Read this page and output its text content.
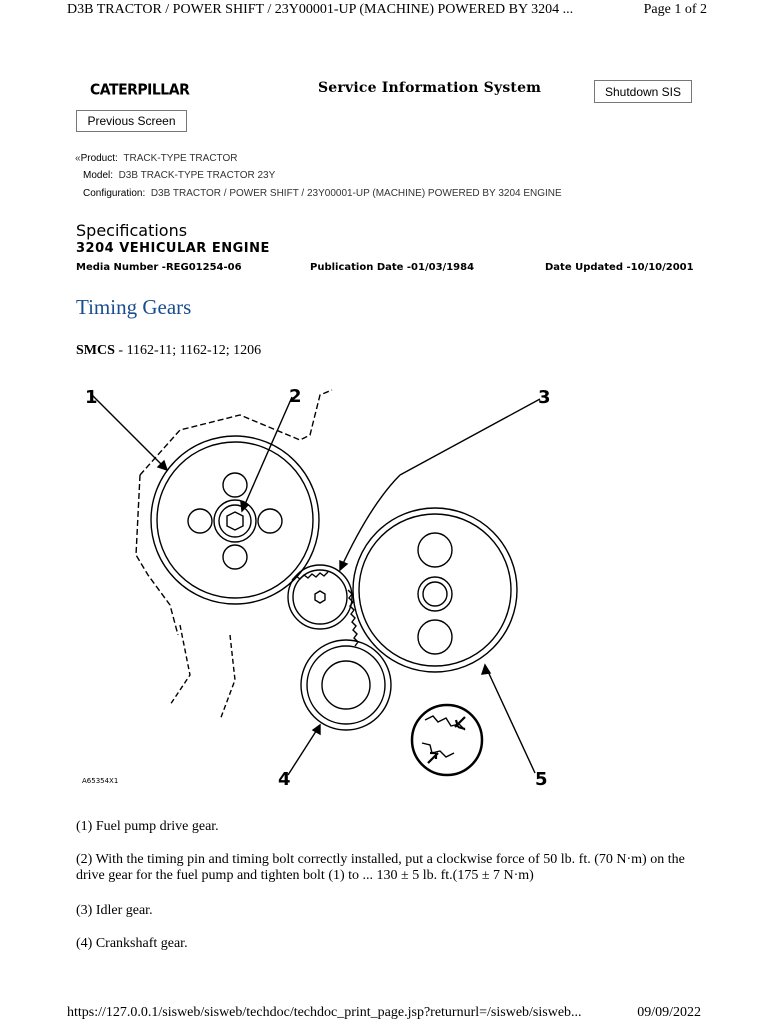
D3B TRACTOR / POWER SHIFT / 23Y00001-UP (MACHINE) POWERED BY 3204 ...	Page 1 of 2
CATERPILLAR	Service Information System	Shutdown SIS
Previous Screen
«Product: TRACK-TYPE TRACTOR
Model: D3B TRACK-TYPE TRACTOR 23Y
Configuration: D3B TRACTOR / POWER SHIFT / 23Y00001-UP (MACHINE) POWERED BY 3204 ENGINE
Specifications
3204 VEHICULAR ENGINE
Media Number -REG01254-06	Publication Date -01/03/1984	Date Updated -10/10/2001
Timing Gears
SMCS - 1162-11; 1162-12; 1206
1	2	3
4	5
A65354X1
(1) Fuel pump drive gear.
(2) With the timing pin and timing bolt correctly installed, put a clockwise force of 50 lb. ft. (70 N·m) on the drive gear for the fuel pump and tighten bolt (1) to ... 130 ± 5 lb. ft.(175 ± 7 N·m)
(3) Idler gear.
(4) Crankshaft gear.
https://127.0.0.1/sisweb/sisweb/techdoc/techdoc_print_page.jsp?returnurl=/sisweb/sisweb...	09/09/2022
